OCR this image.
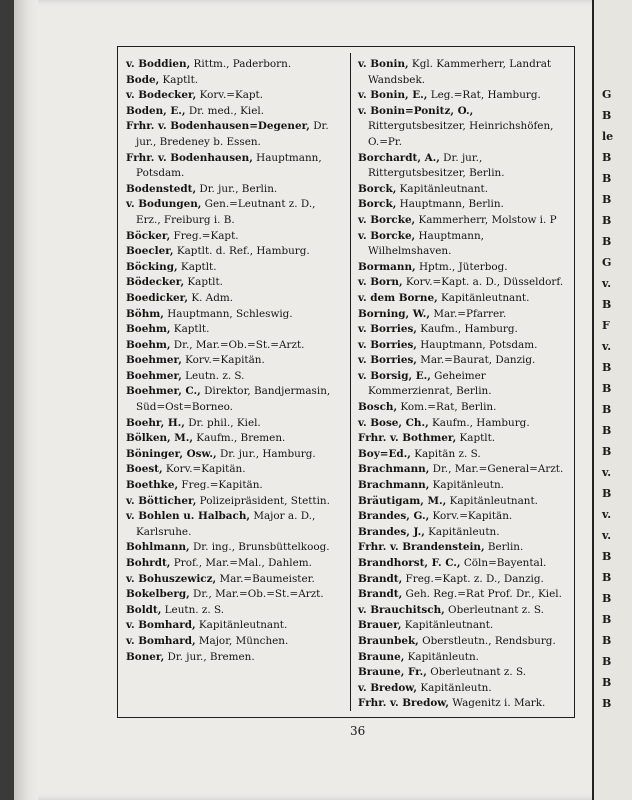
v. Boddien, Rittm., Paderborn.

Bode, Kaptlt.

v. Bodecker, Korv.=Kapt.

Boden, E., Dr. med., Kiel.

Frhr. v. Bodenhausen=Degener, Dr. jur., Bredeney b. Essen.

Frhr. v. Bodenhausen, Hauptmann, Potsdam.

Bodenstedt, Dr. jur., Berlin.

v. Bodungen, Gen.=Leutnant z. D., Erz., Freiburg i. B.

Böcker, Freg.=Kapt.

Boecler, Kaptlt. d. Ref., Hamburg.

Böcking, Kaptlt.

Bödecker, Kaptlt.

Boedicker, K. Adm.

Böhm, Hauptmann, Schleswig.

Boehm, Kaptlt.

Boehm, Dr., Mar.=Ob.=St.=Arzt.

Boehmer, Korv.=Kapitän.

Boehmer, Leutn. z. S.

Boehmer, C., Direktor, Bandjermasin, Süd=Ost=Borneo.

Boehr, H., Dr. phil., Kiel.

Bölken, M., Kaufm., Bremen.

Böninger, Osw., Dr. jur., Hamburg.

Boest, Korv.=Kapitän.

Boethke, Freg.=Kapitän.

v. Bötticher, Polizeipräsident, Stettin.

v. Bohlen u. Halbach, Major a. D., Karlsruhe.

Bohlmann, Dr. ing., Brunsbüttelkoog.

Bohrdt, Prof., Mar.=Mal., Dahlem.

v. Bohuszewicz, Mar.=Baumeister.

Bokelberg, Dr., Mar.=Ob.=St.=Arzt.

Boldt, Leutn. z. S.

v. Bomhard, Kapitänleutnant.

v. Bomhard, Major, München.

Boner, Dr. jur., Bremen.

v. Bonin, Kgl. Kammerherr, Landrat Wandsbek.

v. Bonin, E., Leg.=Rat, Hamburg.

v. Bonin=Ponitz, O., Rittergutsbesitzer, Heinrichshöfen, O.=Pr.

Borchardt, A., Dr. jur., Rittergutsbesitzer, Berlin.

Borck, Kapitänleutnant.

Borck, Hauptmann, Berlin.

v. Borcke, Kammerherr, Molstow i. P

v. Borcke, Hauptmann, Wilhelmshaven.

Bormann, Hptm., Jüterbog.

v. Born, Korv.=Kapt. a. D., Düsseldorf.

v. dem Borne, Kapitänleutnant.

Borning, W., Mar.=Pfarrer.

v. Borries, Kaufm., Hamburg.

v. Borries, Hauptmann, Potsdam.

v. Borries, Mar.=Baurat, Danzig.

v. Borsig, E., Geheimer Kommerzienrat, Berlin.

Bosch, Kom.=Rat, Berlin.

v. Bose, Ch., Kaufm., Hamburg.

Frhr. v. Bothmer, Kaptlt.

Boy=Ed., Kapitän z. S.

Brachmann, Dr., Mar.=General=Arzt.

Brachmann, Kapitänleutn.

Bräutigam, M., Kapitänleutnant.

Brandes, G., Korv.=Kapitän.

Brandes, J., Kapitänleutn.

Frhr. v. Brandenstein, Berlin.

Brandhorst, F. C., Cöln=Bayental.

Brandt, Freg.=Kapt. z. D., Danzig.

Brandt, Geh. Reg.=Rat Prof. Dr., Kiel.

v. Brauchitsch, Oberleutnant z. S.

Brauer, Kapitänleutnant.

Braunbek, Oberstleutn., Rendsburg.

Braune, Kapitänleutn.

Braune, Fr., Oberleutnant z. S.

v. Bredow, Kapitänleutn.

Frhr. v. Bredow, Wagenitz i. Mark.

36
G
B
le
B
B
B
B
B
G
v.
B
F
v.
B
B
B
B
B
v.
B
v.
v.
B
B
B
B
B
B
B
B
